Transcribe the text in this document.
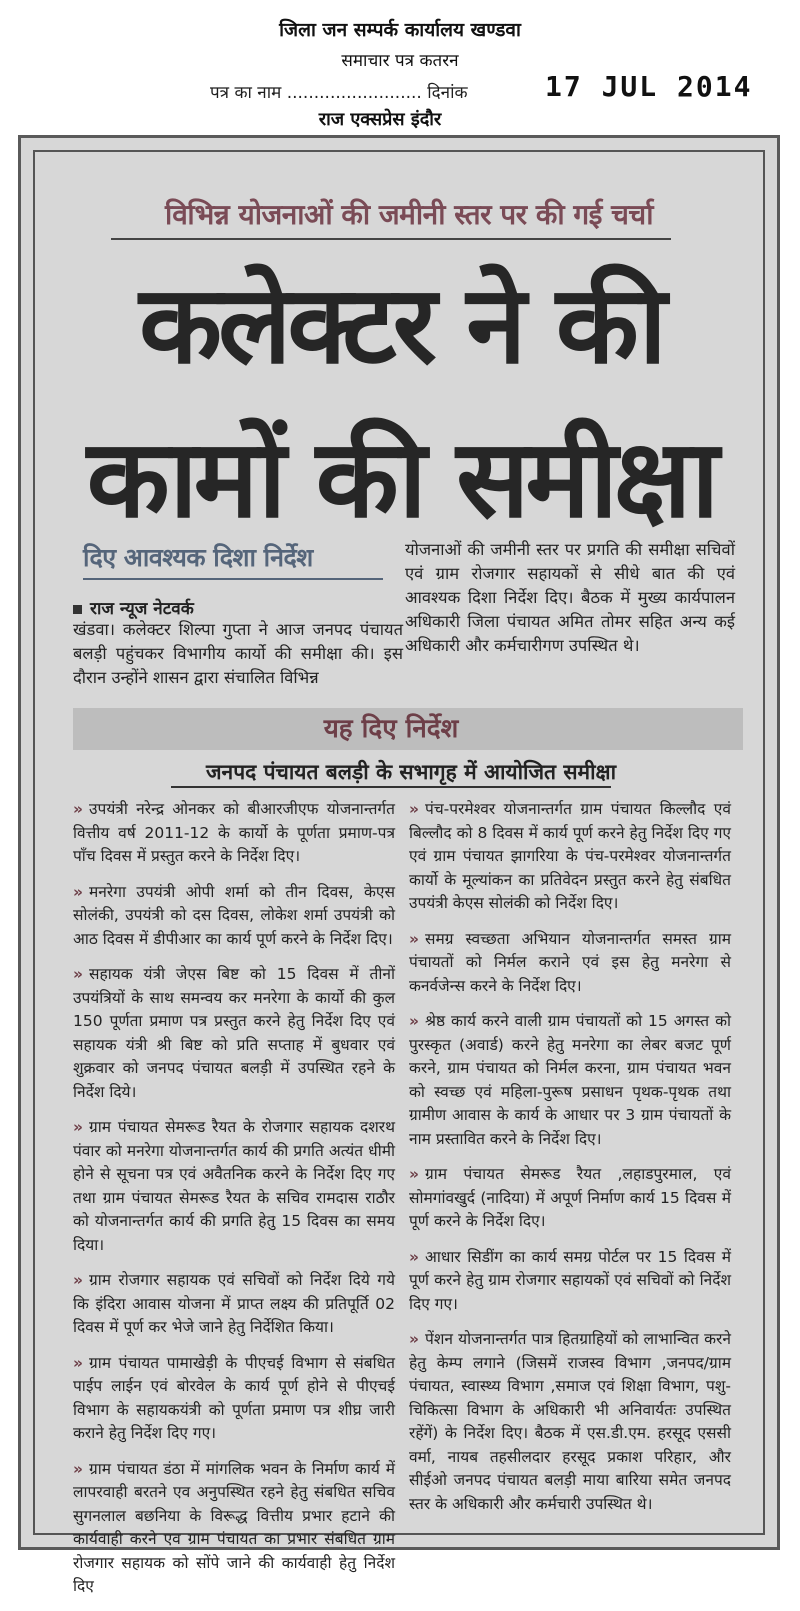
जिला जन सम्पर्क कार्यालय खण्डवा
समाचार पत्र कतरन
पत्र का नाम ......................... दिनांक	17 JUL 2014
राज एक्सप्रेस इंदौर
विभिन्न योजनाओं की जमीनी स्तर पर की गई चर्चा
कलेक्टर ने की
कामों की समीक्षा
दिए आवश्यक दिशा निर्देश
राज न्यूज नेटवर्क
खंडवा। कलेक्टर शिल्पा गुप्ता ने आज जनपद पंचायत बलड़ी पहुंचकर विभागीय कार्यो की समीक्षा की। इस दौरान उन्होंने शासन द्वारा संचालित विभिन्न
योजनाओं की जमीनी स्तर पर प्रगति की समीक्षा सचिवों एवं ग्राम रोजगार सहायकों से सीधे बात की एवं आवश्यक दिशा निर्देश दिए। बैठक में मुख्य कार्यपालन अधिकारी जिला पंचायत अमित तोमर सहित अन्य कई अधिकारी और कर्मचारीगण उपस्थित थे।
यह दिए निर्देश
जनपद पंचायत बलड़ी के सभागृह में आयोजित समीक्षा
» उपयंत्री नरेन्द्र ओनकर को बीआरजीएफ योजनान्तर्गत वित्तीय वर्ष 2011-12 के कार्यो के पूर्णता प्रमाण-पत्र पाँच दिवस में प्रस्तुत करने के निर्देश दिए।
» मनरेगा उपयंत्री ओपी शर्मा को तीन दिवस, केएस सोलंकी, उपयंत्री को दस दिवस, लोकेश शर्मा उपयंत्री को आठ दिवस में डीपीआर का कार्य पूर्ण करने के निर्देश दिए।
» सहायक यंत्री जेएस बिष्ट को 15 दिवस में तीनों उपयंत्रियों के साथ समन्वय कर मनरेगा के कार्यो की कुल 150 पूर्णता प्रमाण पत्र प्रस्तुत करने हेतु निर्देश दिए एवं सहायक यंत्री श्री बिष्ट को प्रति सप्ताह में बुधवार एवं शुक्रवार को जनपद पंचायत बलड़ी में उपस्थित रहने के निर्देश दिये।
» ग्राम पंचायत सेमरूड रैयत के रोजगार सहायक दशरथ पंवार को मनरेगा योजनान्तर्गत कार्य की प्रगति अत्यंत धीमी होने से सूचना पत्र एवं अवैतनिक करने के निर्देश दिए गए तथा ग्राम पंचायत सेमरूड रैयत के सचिव रामदास राठौर को योजनान्तर्गत कार्य की प्रगति हेतु 15 दिवस का समय दिया।
» ग्राम रोजगार सहायक एवं सचिवों को निर्देश दिये गये कि इंदिरा आवास योजना में प्राप्त लक्ष्य की प्रतिपूर्ति 02 दिवस में पूर्ण कर भेजे जाने हेतु निर्देशित किया।
» ग्राम पंचायत पामाखेड़ी के पीएचई विभाग से संबधित पाईप लाईन एवं बोरवेल के कार्य पूर्ण होने से पीएचई विभाग के सहायकयंत्री को पूर्णता प्रमाण पत्र शीघ्र जारी कराने हेतु निर्देश दिए गए।
» ग्राम पंचायत डंठा में मांगलिक भवन के निर्माण कार्य में लापरवाही बरतने एव अनुपस्थित रहने हेतु संबधित सचिव सुगनलाल बछनिया के विरूद्ध वित्तीय प्रभार हटाने की कार्यवाही करने एव ग्राम पंचायत का प्रभार संबधित ग्राम रोजगार सहायक को सोंपे जाने की कार्यवाही हेतु निर्देश दिए
» पंच-परमेश्वर योजनान्तर्गत ग्राम पंचायत किल्लौद एवं बिल्लौद को 8 दिवस में कार्य पूर्ण करने हेतु निर्देश दिए गए एवं ग्राम पंचायत झागरिया के पंच-परमेश्वर योजनान्तर्गत कार्यो के मूल्यांकन का प्रतिवेदन प्रस्तुत करने हेतु संबधित उपयंत्री केएस सोलंकी को निर्देश दिए।
» समग्र स्वच्छता अभियान योजनान्तर्गत समस्त ग्राम पंचायतों को निर्मल कराने एवं इस हेतु मनरेगा से कनर्वजेन्स करने के निर्देश दिए।
» श्रेष्ठ कार्य करने वाली ग्राम पंचायतों को 15 अगस्त को पुरस्कृत (अवार्ड) करने हेतु मनरेगा का लेबर बजट पूर्ण करने, ग्राम पंचायत को निर्मल करना, ग्राम पंचायत भवन को स्वच्छ एवं महिला-पुरूष प्रसाधन पृथक-पृथक तथा ग्रामीण आवास के कार्य के आधार पर 3 ग्राम पंचायतों के नाम प्रस्तावित करने के निर्देश दिए।
» ग्राम पंचायत सेमरूड रैयत ,लहाडपुरमाल, एवं सोमगांवखुर्द (नादिया) में अपूर्ण निर्माण कार्य 15 दिवस में पूर्ण करने के निर्देश दिए।
» आधार सिडींग का कार्य समग्र पोर्टल पर 15 दिवस में पूर्ण करने हेतु ग्राम रोजगार सहायकों एवं सचिवों को निर्देश दिए गए।
» पेंशन योजनान्तर्गत पात्र हितग्राहियों को लाभान्वित करने हेतु केम्प लगाने (जिसमें राजस्व विभाग ,जनपद/ग्राम पंचायत, स्वास्थ्य विभाग ,समाज एवं शिक्षा विभाग, पशु-चिकित्सा विभाग के अधिकारी भी अनिवार्यतः उपस्थित रहेंगें) के निर्देश दिए। बैठक में एस.डी.एम. हरसूद एससी वर्मा, नायब तहसीलदार हरसूद प्रकाश परिहार, और सीईओ जनपद पंचायत बलड़ी माया बारिया समेत जनपद स्तर के अधिकारी और कर्मचारी उपस्थित थे।
